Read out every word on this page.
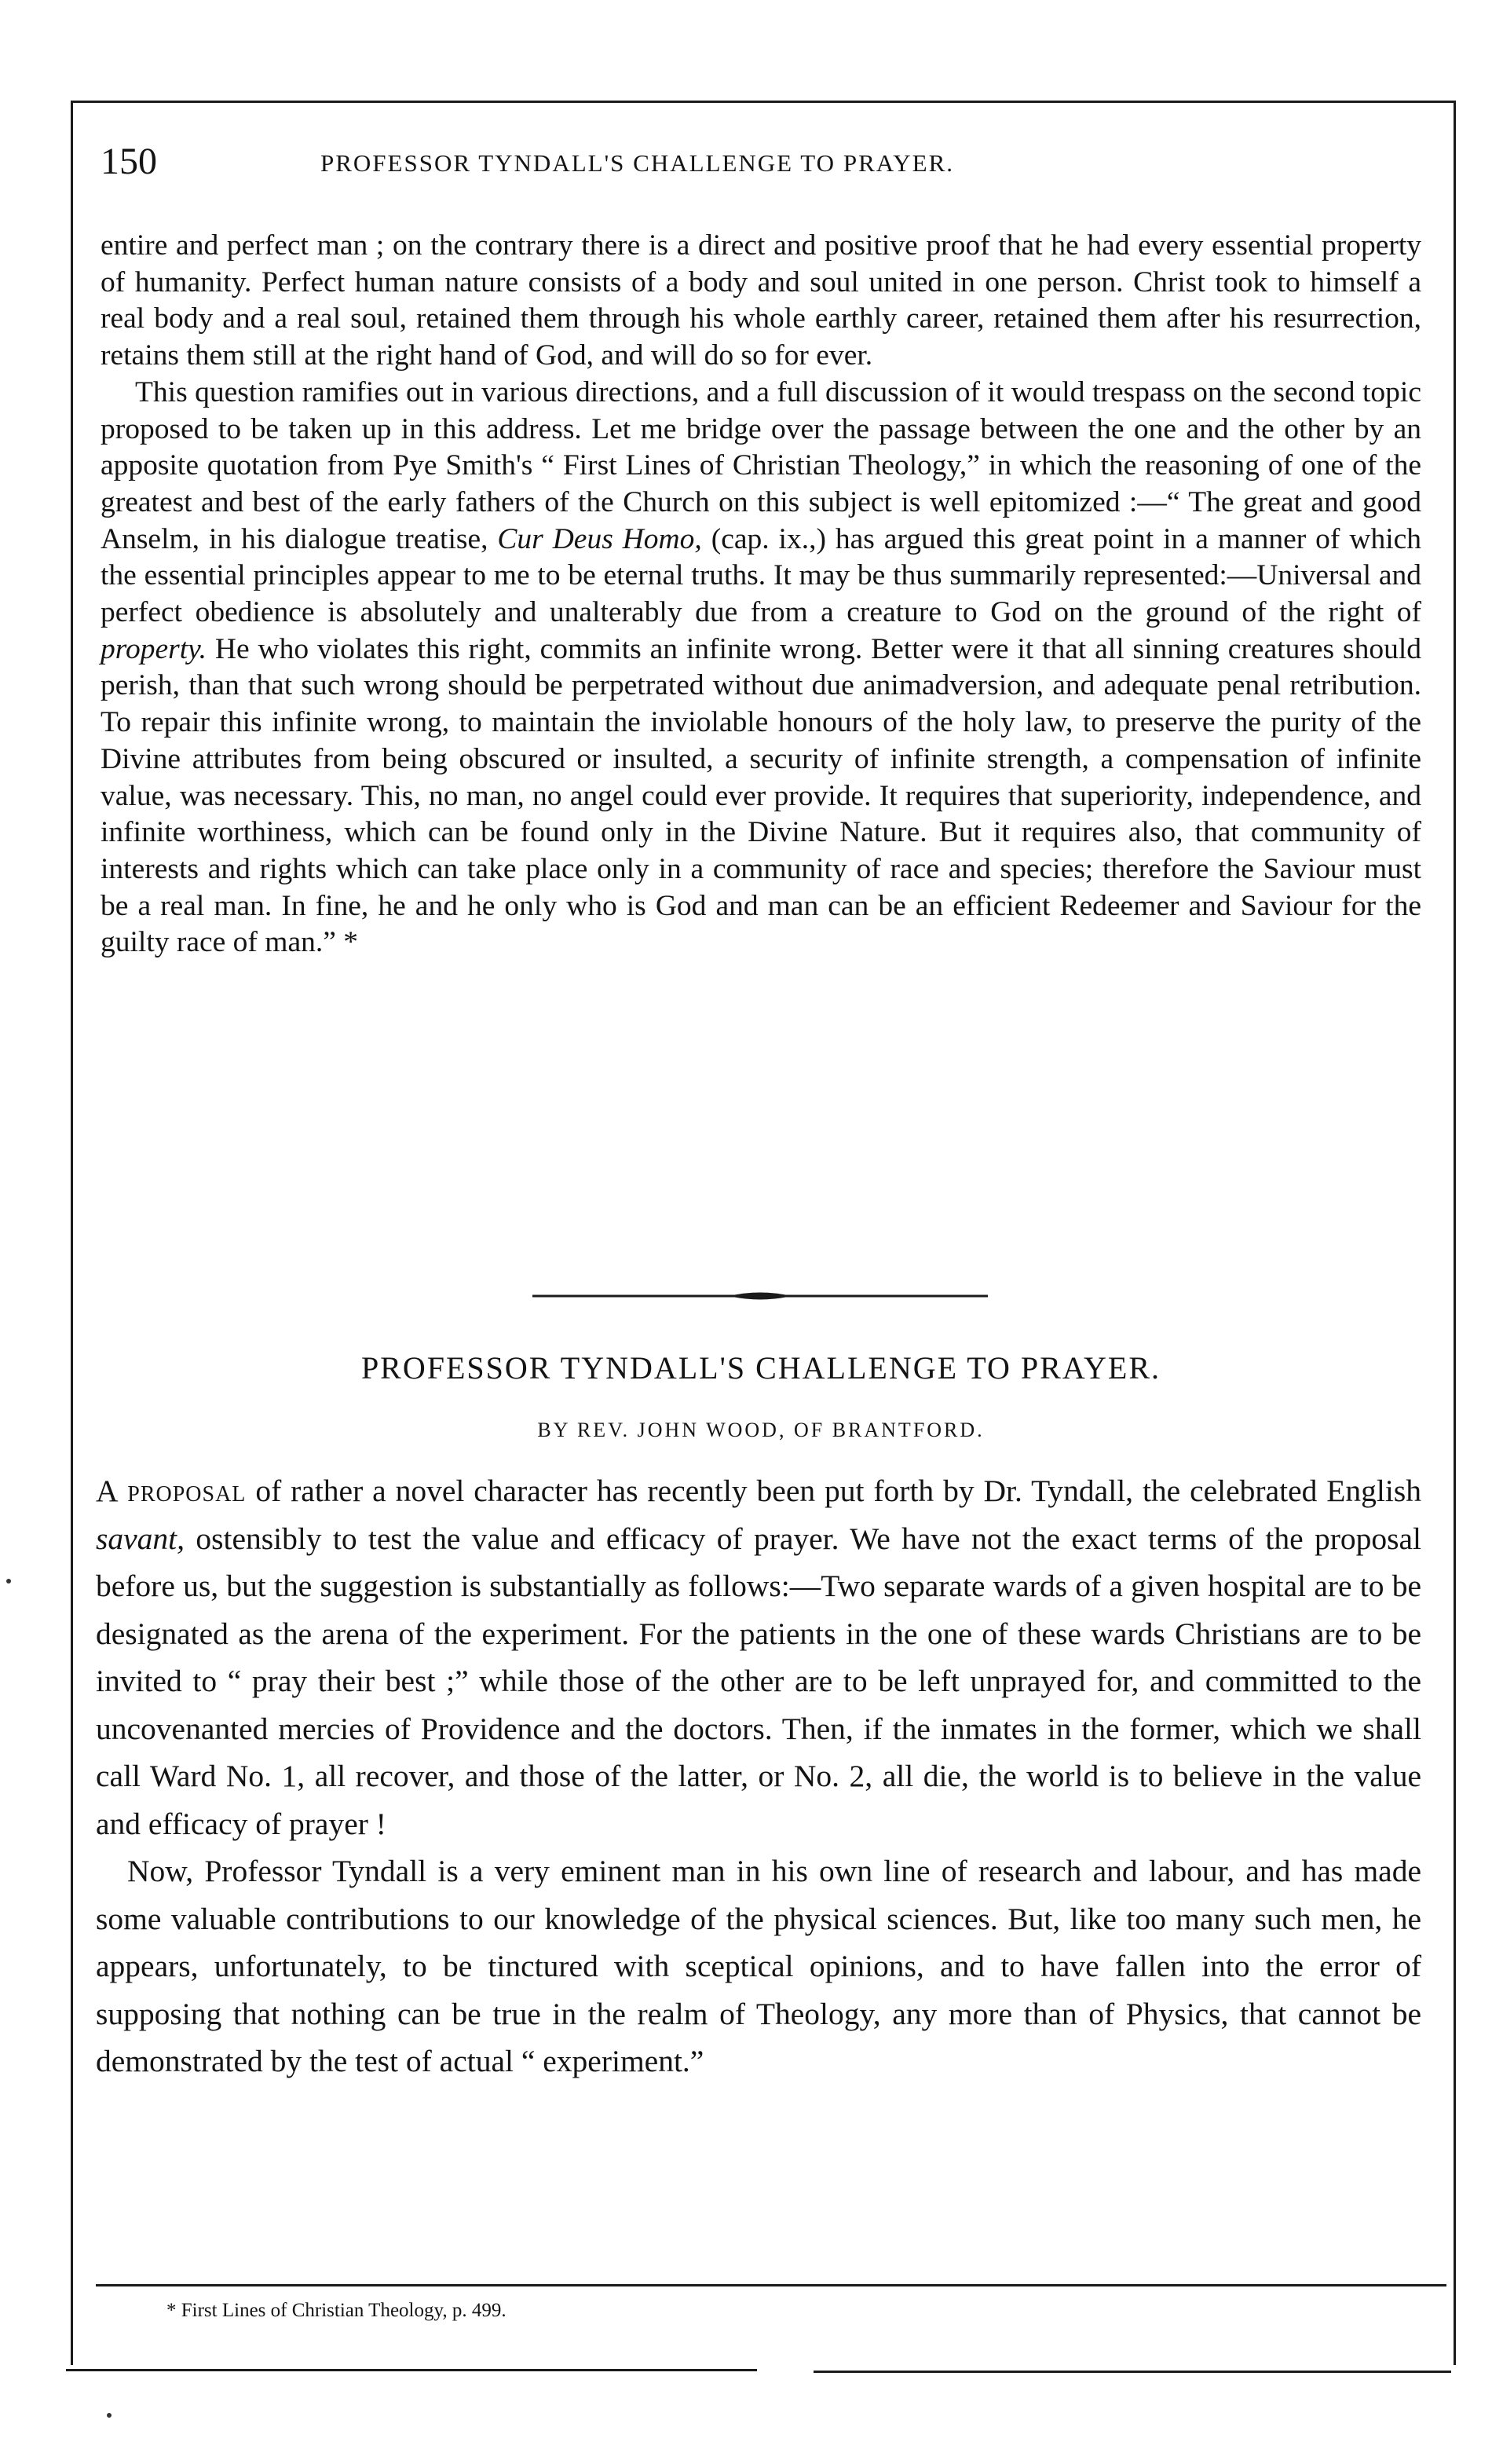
150	PROFESSOR TYNDALL'S CHALLENGE TO PRAYER.

entire and perfect man ; on the contrary there is a direct and positive proof that he had every essential property of humanity. Perfect human nature consists of a body and soul united in one person. Christ took to himself a real body and a real soul, retained them through his whole earthly career, retained them after his resurrection, retains them still at the right hand of God, and will do so for ever.

This question ramifies out in various directions, and a full discussion of it would trespass on the second topic proposed to be taken up in this address. Let me bridge over the passage between the one and the other by an apposite quotation from Pye Smith's “ First Lines of Christian Theology,” in which the reasoning of one of the greatest and best of the early fathers of the Church on this subject is well epitomized :—“ The great and good Anselm, in his dialogue treatise, Cur Deus Homo, (cap. ix.,) has argued this great point in a manner of which the essential principles appear to me to be eternal truths. It may be thus summarily represented:—Universal and perfect obedience is absolutely and unalterably due from a creature to God on the ground of the right of property. He who violates this right, commits an infinite wrong. Better were it that all sinning creatures should perish, than that such wrong should be perpetrated without due animadversion, and adequate penal retribution. To repair this infinite wrong, to maintain the inviolable honours of the holy law, to preserve the purity of the Divine attributes from being obscured or insulted, a security of infinite strength, a compensation of infinite value, was necessary. This, no man, no angel could ever provide. It requires that superiority, independence, and infinite worthiness, which can be found only in the Divine Nature. But it requires also, that community of interests and rights which can take place only in a community of race and species; therefore the Saviour must be a real man. In fine, he and he only who is God and man can be an efficient Redeemer and Saviour for the guilty race of man.” *

PROFESSOR TYNDALL'S CHALLENGE TO PRAYER.
BY REV. JOHN WOOD, OF BRANTFORD.

A proposal of rather a novel character has recently been put forth by Dr. Tyndall, the celebrated English savant, ostensibly to test the value and efficacy of prayer. We have not the exact terms of the proposal before us, but the suggestion is substantially as follows:—Two separate wards of a given hospital are to be designated as the arena of the experiment. For the patients in the one of these wards Christians are to be invited to “ pray their best ;” while those of the other are to be left unprayed for, and committed to the uncovenanted mercies of Providence and the doctors. Then, if the inmates in the former, which we shall call Ward No. 1, all recover, and those of the latter, or No. 2, all die, the world is to believe in the value and efficacy of prayer !

Now, Professor Tyndall is a very eminent man in his own line of research and labour, and has made some valuable contributions to our knowledge of the physical sciences. But, like too many such men, he appears, unfortunately, to be tinctured with sceptical opinions, and to have fallen into the error of supposing that nothing can be true in the realm of Theology, any more than of Physics, that cannot be demonstrated by the test of actual “ experiment.”

* First Lines of Christian Theology, p. 499.
